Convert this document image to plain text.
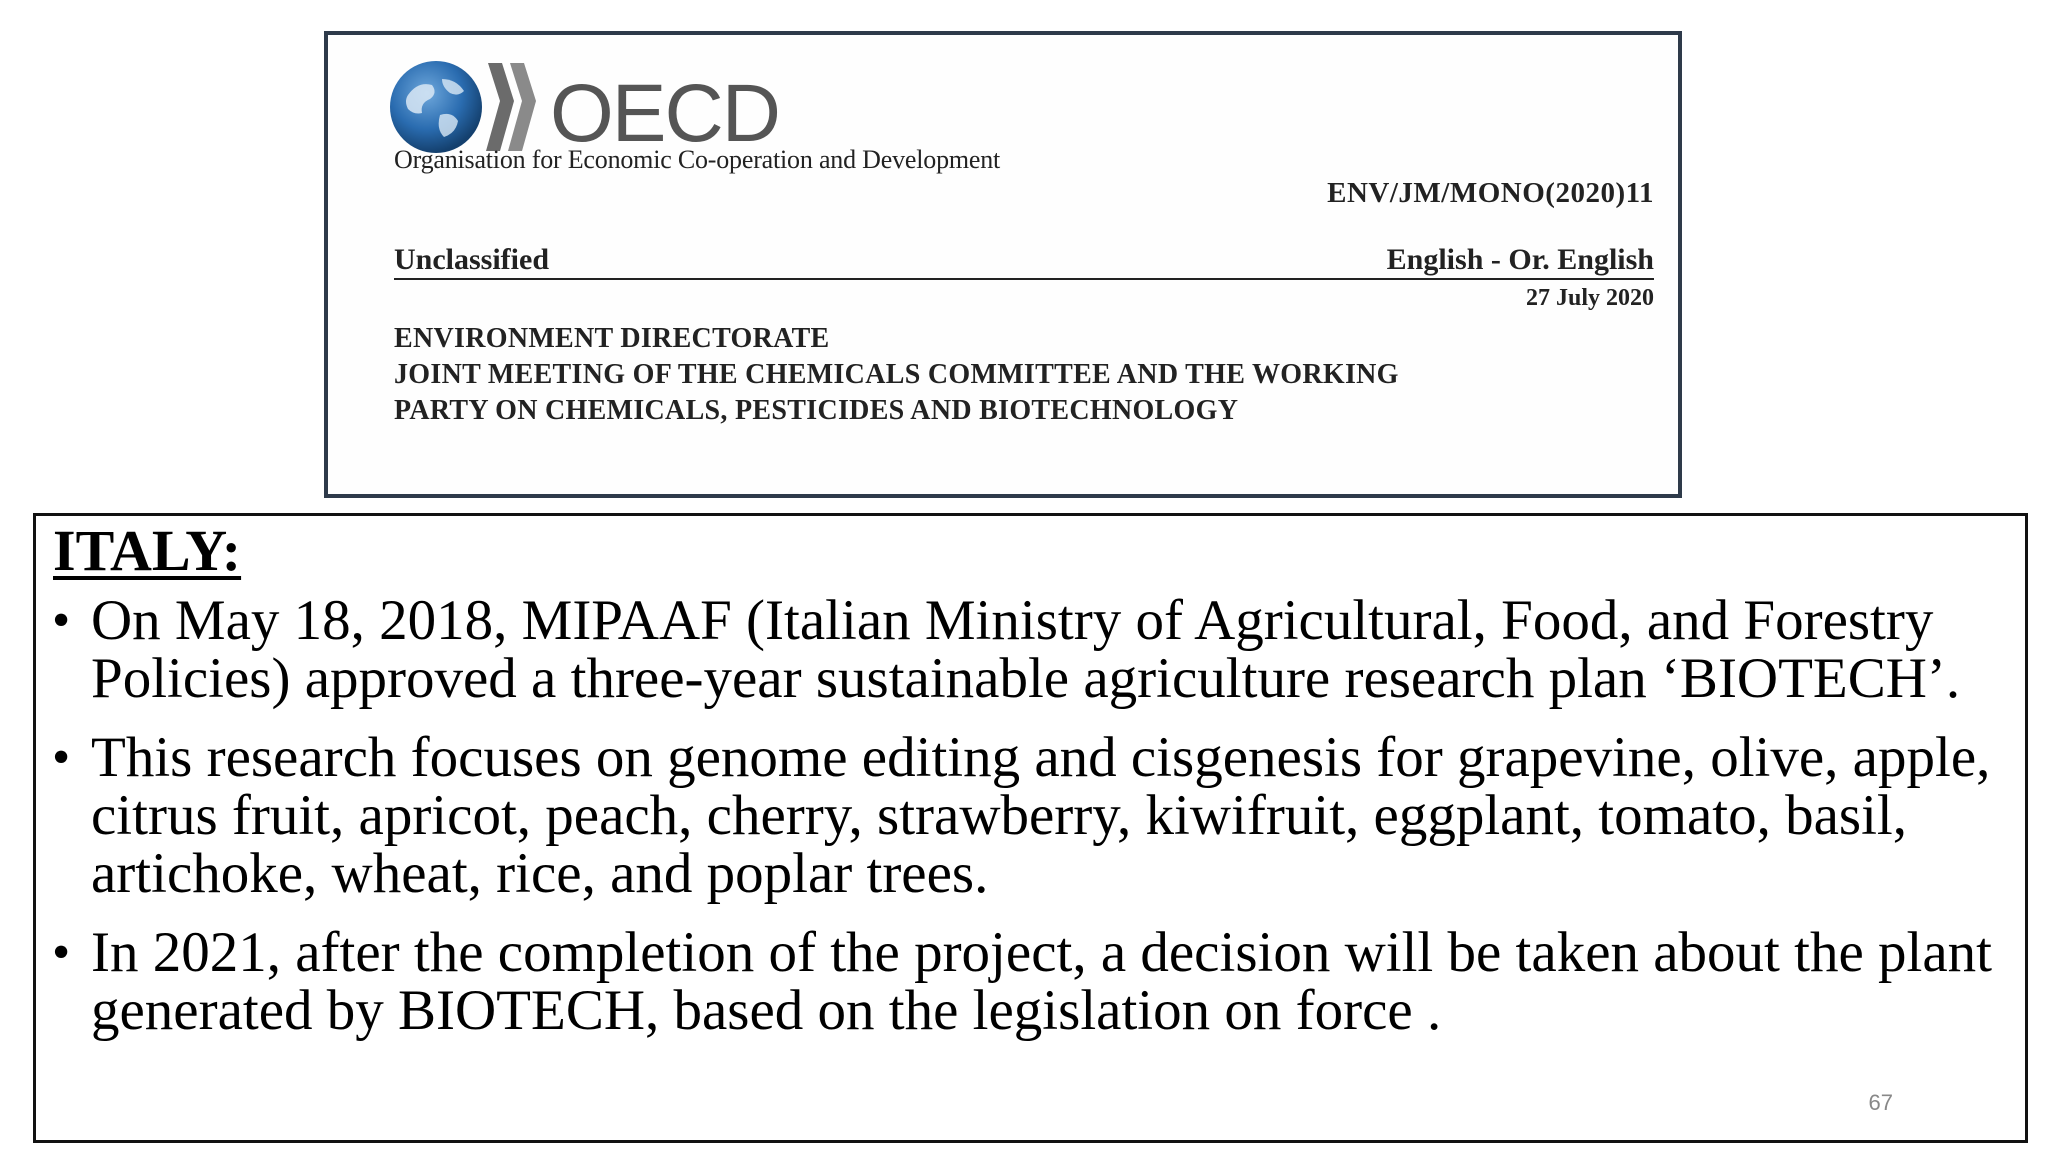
OECD
Organisation for Economic Co-operation and Development
ENV/JM/MONO(2020)11
Unclassified	English - Or. English
27 July 2020
ENVIRONMENT DIRECTORATE
JOINT MEETING OF THE CHEMICALS COMMITTEE AND THE WORKING
PARTY ON CHEMICALS, PESTICIDES AND BIOTECHNOLOGY
ITALY:
• On May 18, 2018, MIPAAF (Italian Ministry of Agricultural, Food, and Forestry Policies) approved a three-year sustainable agriculture research plan ‘BIOTECH’.
• This research focuses on genome editing and cisgenesis for grapevine, olive, apple, citrus fruit, apricot, peach, cherry, strawberry, kiwifruit, eggplant, tomato, basil, artichoke, wheat, rice, and poplar trees.
• In 2021, after the completion of the project, a decision will be taken about the plant generated by BIOTECH, based on the legislation on force .
67
